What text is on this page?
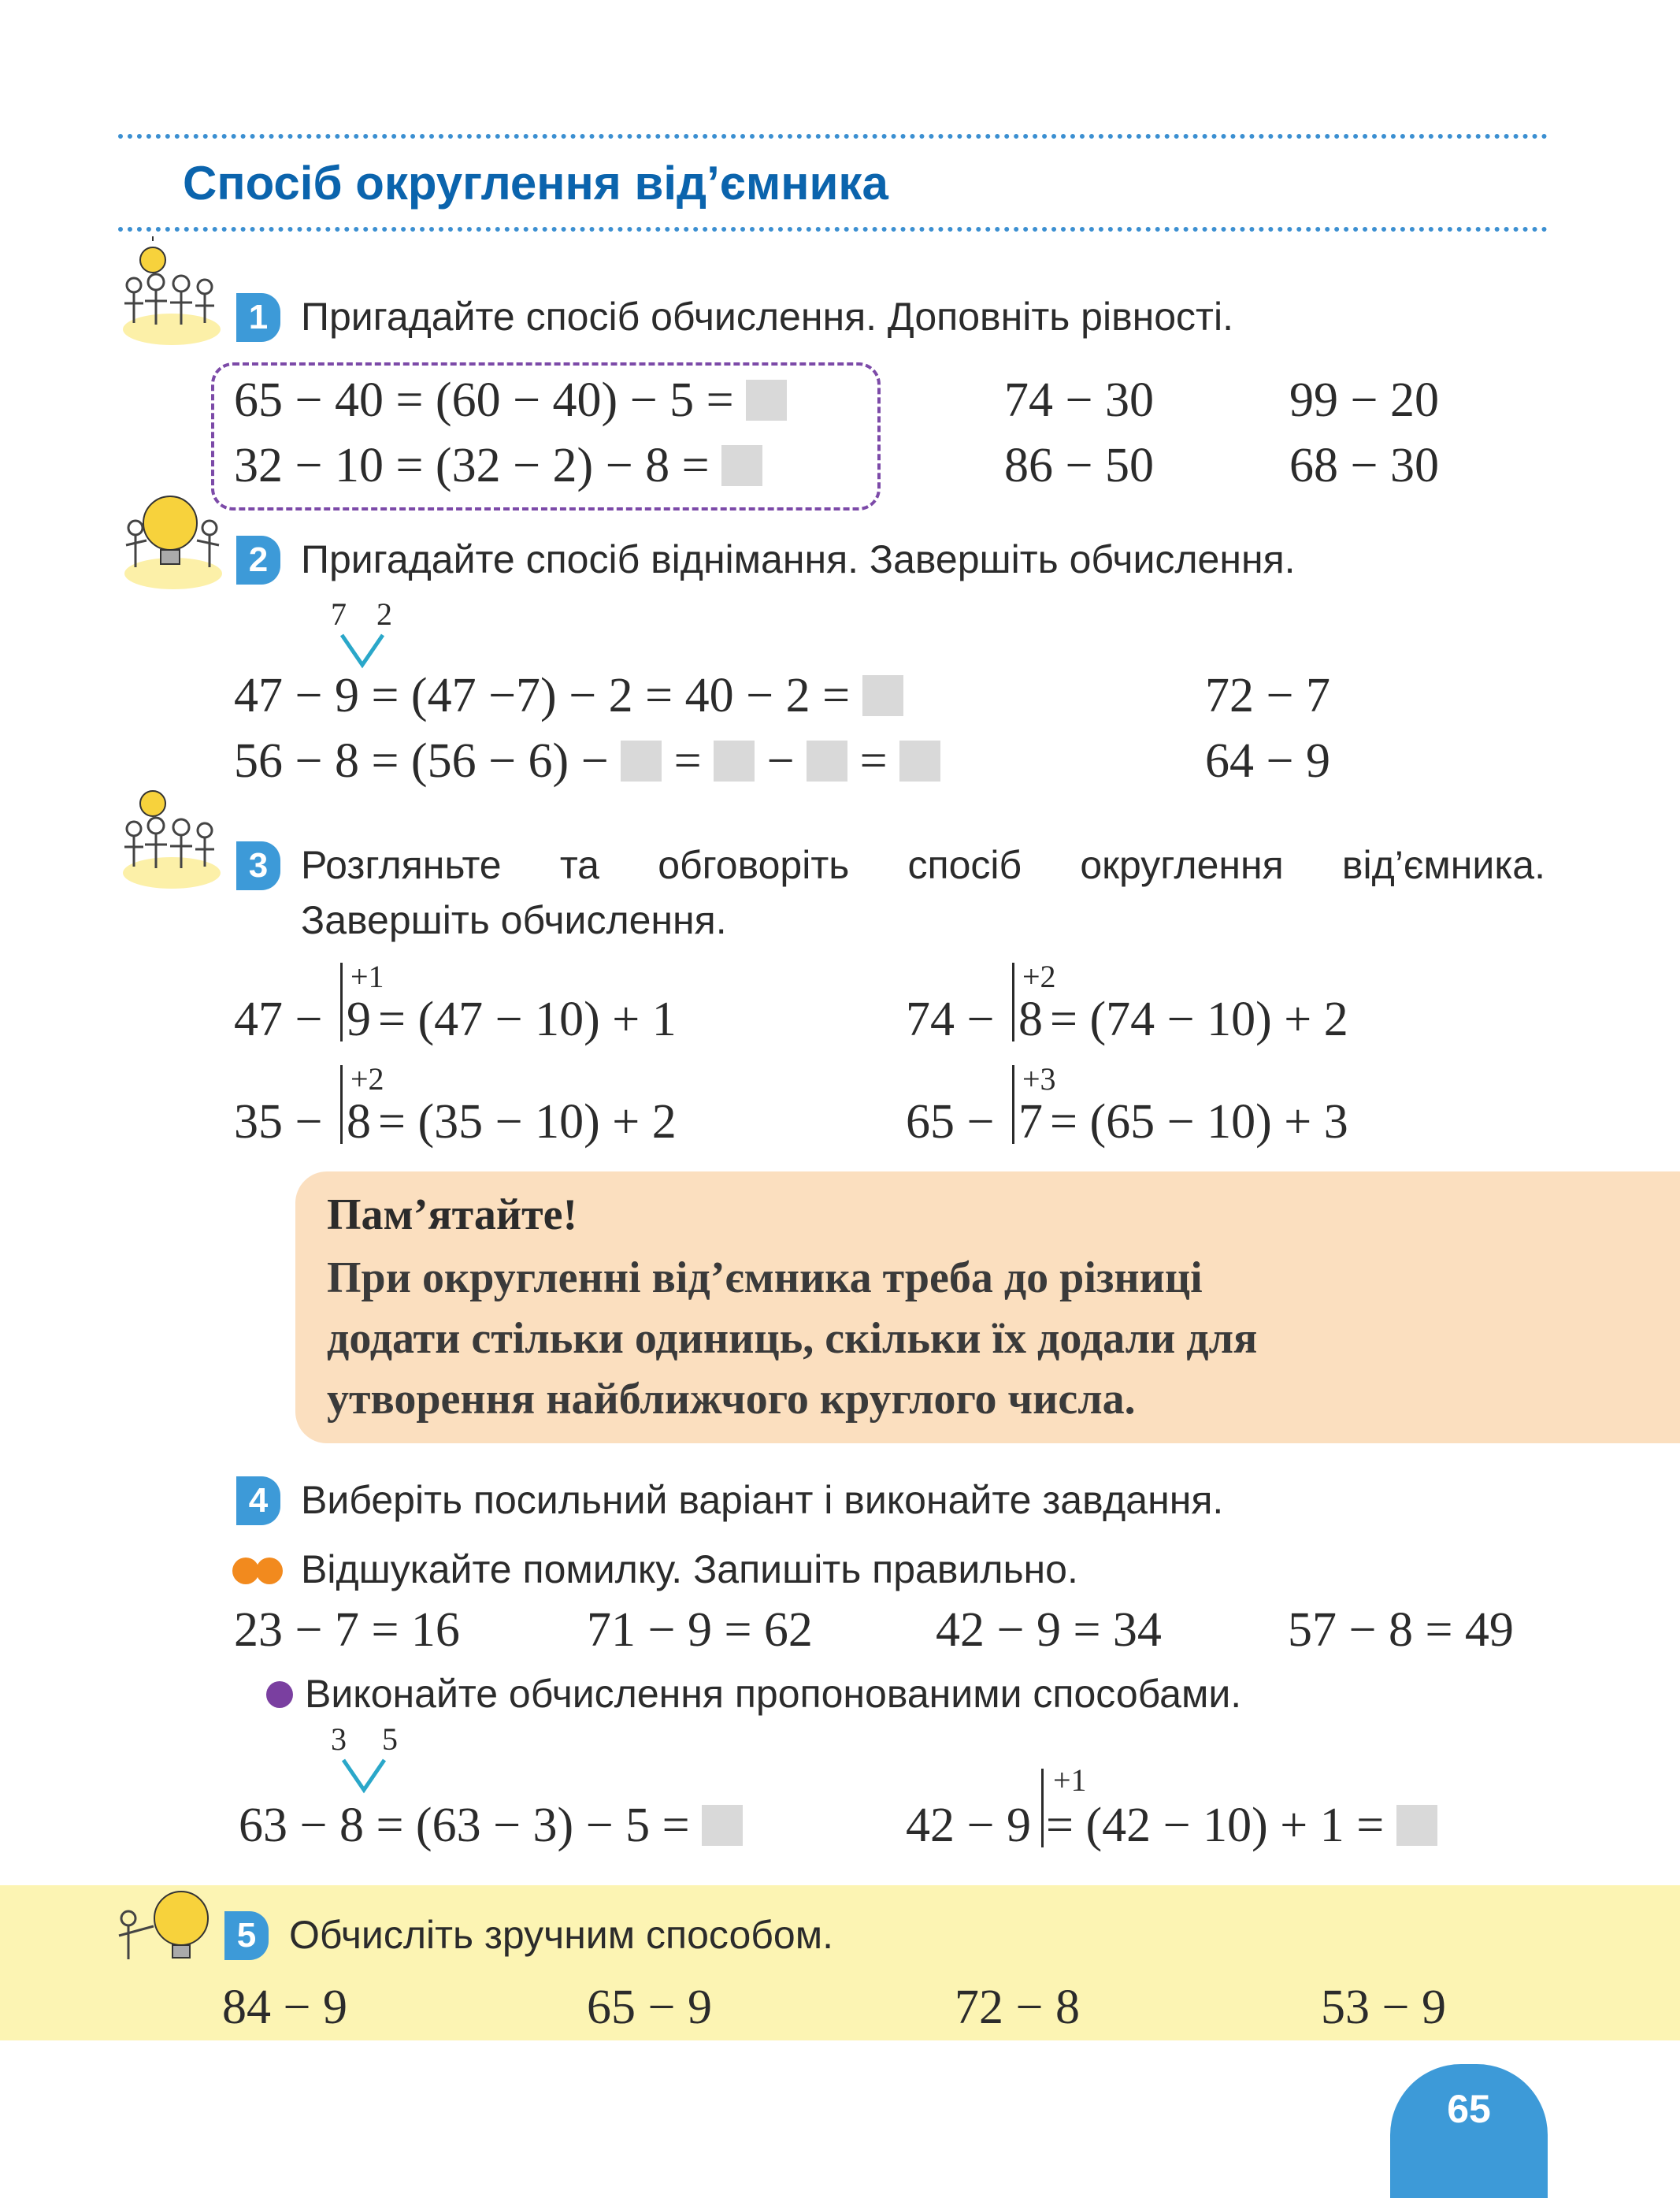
Спосіб округлення від’ємника
1 Пригадайте спосіб обчислення. Доповніть рівності.
65 − 40 = (60 − 40) − 5 =
32 − 10 = (32 − 2) − 8 =
74 − 30	99 − 20
86 − 50	68 − 30
2 Пригадайте спосіб віднімання. Завершіть обчислення.
7 2
47 − 9 = (47 −7) − 2 = 40 − 2 =
56 − 8 = (56 − 6) − = − =
72 − 7
64 − 9
3 Розгляньте та обговоріть спосіб округлення від’ємника.
Завершіть обчислення.
47 −
+1
9 = (47 − 10) + 1	74 −
+2
8 = (74 − 10) + 2
35 −
+2
8 = (35 − 10) + 2	65 −
+3
7 = (65 − 10) + 3
Пам’ятайте!
При округленні від’ємника треба до різниці
додати стільки одиниць, скільки їх додали для
утворення найближчого круглого числа.
4 Виберіть посильний варіант і виконайте завдання.
Відшукайте помилку. Запишіть правильно.
23 − 7 = 16	71 − 9 = 62	42 − 9 = 34	57 − 8 = 49
Виконайте обчислення пропонованими способами.
3 5
63 − 8 = (63 − 3) − 5 =	42 − 9
+1
= (42 − 10) + 1 =
5 Обчисліть зручним способом.
84 − 9	65 − 9	72 − 8	53 − 9
65
